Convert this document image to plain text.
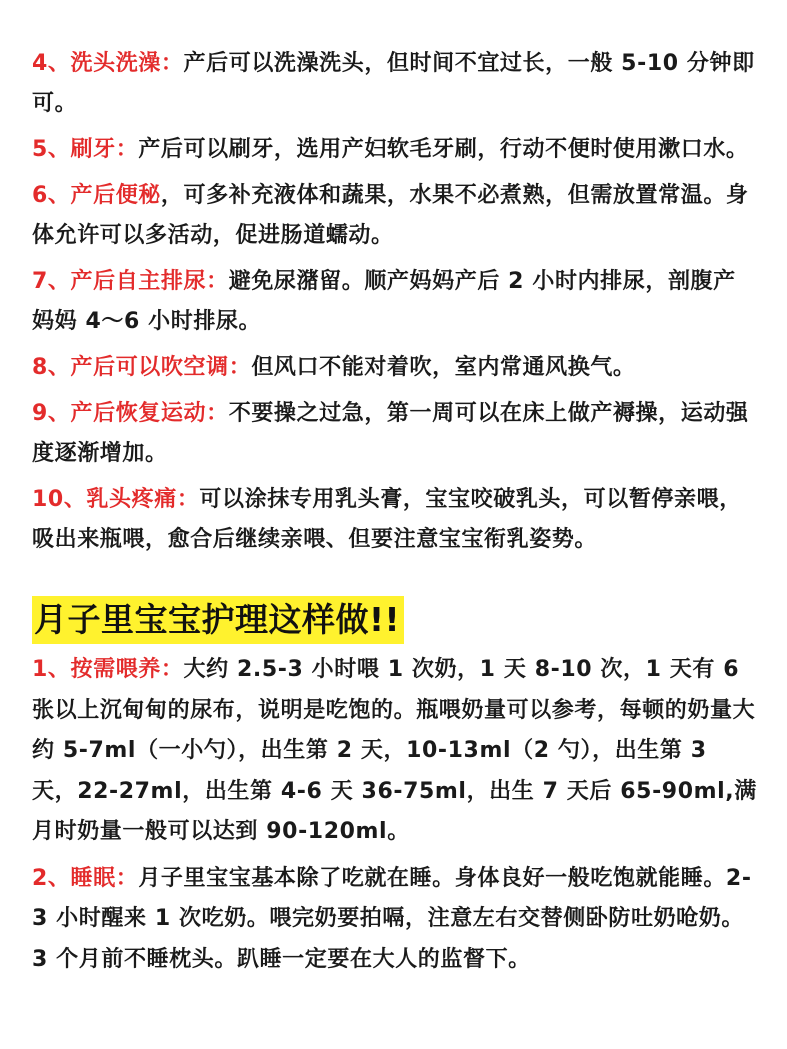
4、洗头洗澡：产后可以洗澡洗头，但时间不宜过长，一般 5-10 分钟即可。

5、刷牙：产后可以刷牙，选用产妇软毛牙刷，行动不便时使用漱口水。

6、产后便秘，可多补充液体和蔬果，水果不必煮熟，但需放置常温。身体允许可以多活动，促进肠道蠕动。

7、产后自主排尿：避免尿潴留。顺产妈妈产后 2 小时内排尿，剖腹产妈妈 4～6 小时排尿。

8、产后可以吹空调：但风口不能对着吹，室内常通风换气。

9、产后恢复运动：不要操之过急，第一周可以在床上做产褥操，运动强度逐渐增加。

10、乳头疼痛：可以涂抹专用乳头膏，宝宝咬破乳头，可以暂停亲喂，吸出来瓶喂，愈合后继续亲喂、但要注意宝宝衔乳姿势。

月子里宝宝护理这样做!!

1、按需喂养：大约 2.5-3 小时喂 1 次奶，1 天 8-10 次，1 天有 6 张以上沉甸甸的尿布，说明是吃饱的。瓶喂奶量可以参考，每顿的奶量大约 5-7ml（一小勺），出生第 2 天，10-13ml（2 勺），出生第 3 天，22-27ml，出生第 4-6 天 36-75ml，出生 7 天后 65-90ml,满月时奶量一般可以达到 90-120ml。

2、睡眠：月子里宝宝基本除了吃就在睡。身体良好一般吃饱就能睡。2-3 小时醒来 1 次吃奶。喂完奶要拍嗝，注意左右交替侧卧防吐奶呛奶。3 个月前不睡枕头。趴睡一定要在大人的监督下。
